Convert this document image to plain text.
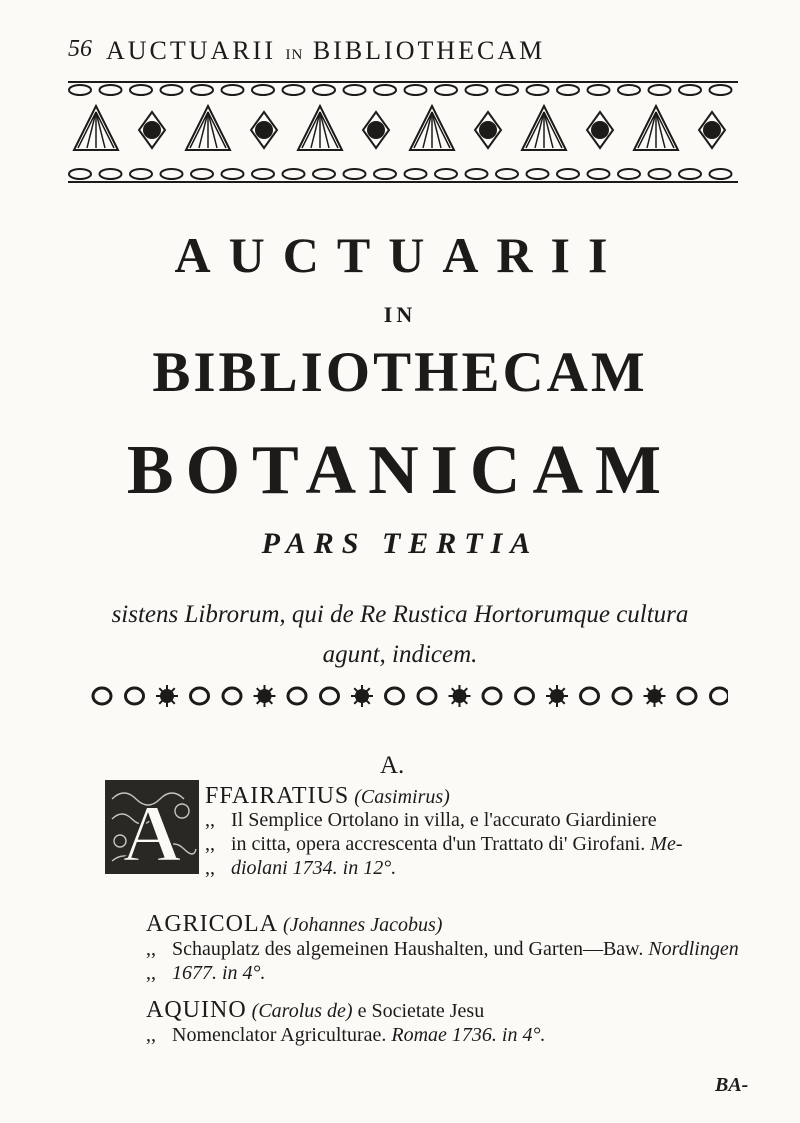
56 AUCTUARII IN BIBLIOTHECAM
AUCTUARII
IN
BIBLIOTHECAM
BOTANICAM
PARS TERTIA
sistens Librorum, qui de Re Rustica Hortorumque cultura
agunt, indicem.
A.
A FFAIRATIUS (Casimirus)
,, Il Semplice Ortolano in villa, e l'accurato Giardiniere
,, in citta, opera accrescenta d'un Trattato di' Girofani. Me-
,, diolani 1734. in 12°.
AGRICOLA (Johannes Jacobus)
,, Schauplatz des algemeinen Haushalten, und Garten—Baw. Nordlingen
,, 1677. in 4°.
AQUINO (Carolus de) e Societate Jesu
,, Nomenclator Agriculturae. Romae 1736. in 4°.
BA-
